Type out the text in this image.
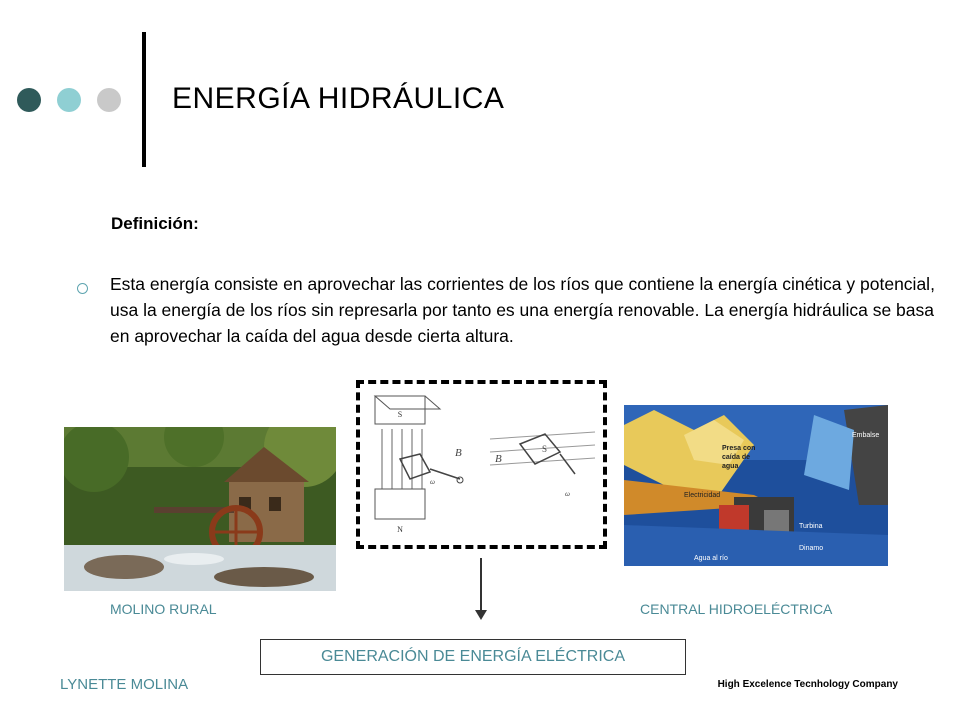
ENERGÍA HIDRÁULICA
Definición:
Esta energía consiste en aprovechar las corrientes de los ríos que contiene la energía cinética y potencial, usa la energía de los ríos sin represarla por tanto es una energía renovable. La energía hidráulica se basa en aprovechar la caída del agua desde cierta altura.
S
N
B
ω
B
S
ω
Embalse
Presa con
caída de
agua
Electricidad
Turbina
Dinamo
Agua al río
MOLINO RURAL	CENTRAL HIDROELÉCTRICA
GENERACIÓN DE ENERGÍA ELÉCTRICA
LYNETTE MOLINA	High Excelence Tecnhology Company
